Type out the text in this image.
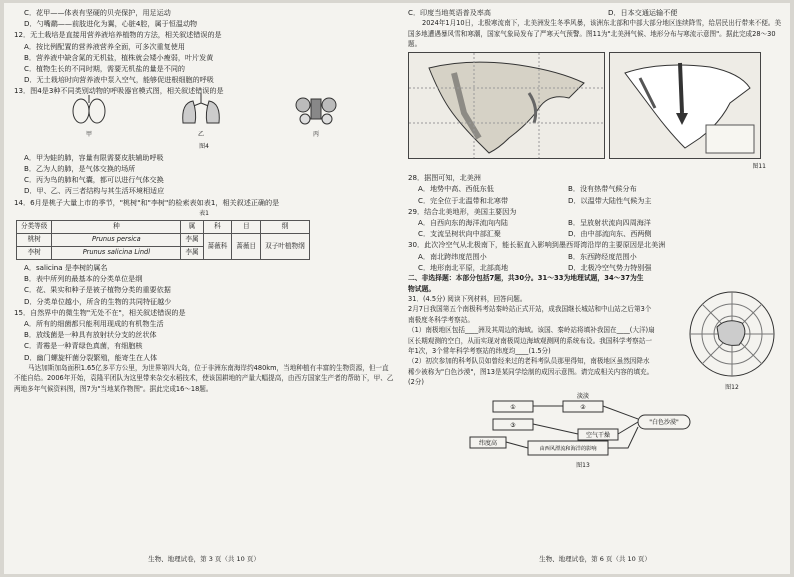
C．花甲——体表有坚硬的贝壳保护，用足运动
D．勺嘴鹬——前肢进化为翼，心脏4腔，属于恒温动物
12．无土栽培是直接用营养液培养植物的方法，相关叙述错误的是
A．按比例配置的营养液营养全面，可多次重复使用
B．营养液中缺含氮的无机盐，植株就会矮小瘦弱，叶片发黄
C．植物生长的不同时期，需要无机盐的量是不同的
D．无土栽培时向营养液中泵入空气，能够促进根细胞的呼吸
13．图4是3种不同类别动物的呼吸器官模式图，相关叙述错误的是
甲	乙	丙
图4
A．甲为蛙的肺，容量有限需要皮肤辅助呼吸
B．乙为人的肺，是气体交换的场所
C．丙为鸟的肺和气囊，都可以进行气体交换
D．甲、乙、丙三者结构与其生活环境相适应
14．6月是桃子大量上市的季节，"桃树"和"李树"的检索表如表1，相关叙述正确的是
表1
分类等级	种	属	科	目	纲
桃树	Prunus persica	李属	蔷薇科	蔷薇目	双子叶植物纲
李树	Prunus salicina Lindl	李属			
A．salicina 是李树的属名
B．表中所列的最基本的分类单位是纲
C．花、果实和种子是被子植物分类的重要依据
D．分类单位越小，所含的生物的共同特征越少
15．自然界中的微生物"无处不在"，相关叙述错误的是
A．所有的细菌都只能利用现成的有机物生活
B．放线菌是一种具有放射状分支的丝状体
C．青霉是一种青绿色真菌，有细胞核
D．幽门螺旋杆菌分裂繁殖，能寄生在人体
马达加斯加岛面积1.65亿多平方公里，为世界第四大岛，位于非洲东南海岸约480km，当地种植有丰富的生物资源，但一直不能自给。2006年开始，袁隆平团队为这里带来杂交水稻技术，使该国耕地的产量大幅提高，由西方国家生产者的帮助下，甲、乙两地多年气候资料图，图7为"当地某作物图"。据此完成16～18题。
生物、地理试卷，第 3 页（共 10 页）
C．印度当地英语普及率高	D．日本交通运输不便
2024年1月10日，北极寒流南下，北美洲发生冬季风暴，该洲东北部和中部大部分地区连续降雪，给居民出行带来不便。美国多地遭遇暴风雪和寒潮，国家气象局发布了严寒天气预警。图11为"北美洲气候、地形分布与寒流示意图"。据此完成28～30题。
图11
28．据图可知，北美洲
A．地势中高、西低东低	B．没有热带气候分布
C．完全位于北温带和北寒带	D．以温带大陆性气候为主
29．结合北美地形，美国主要因为
A．自西向东的海洋流向内陆	B．呈放射状流向四周海洋
C．支流呈树状向中部汇聚	D．由中部流向东、西两侧
30．此次冷空气从北极南下，能长驱直入影响到墨西哥湾沿岸的主要原因是北美洲
A．南北跨纬度范围小	B．东西跨经度范围小
C．地形南北平原，北部高地	D．北极冷空气势力特别强
二、非选择题：本部分包括7题，共30分。31～33为地理试题，34～37为生物试题。
31．(4.5分) 阅读下列材料，回答问题。
2月7日我国第五个南极科考站秦岭站正式开站，成我国继长城站和中山站之后第3个南极度冬科学考察站。
（1）南极地区包括____洲及其周边的海域。该国、秦岭站将填补我国在____(大洋)扇区长期观测的空白，从而实现对南极周边海域观测网的系统布设。我国科学考察站一年1次，3个常年科学考察站的纬度均____(1.5分)
（2）初次参加的科考队员如曾经来过的老科考队员那里得知，南极地区虽然因降水稀少被称为"白色沙漠"，图13是某同学绘制的成因示意图。请完成相关内容的填充。(2分)
淡淡
①	②
③
纬度高
空气干燥
"白色沙漠"
由西风漂流和海洋的影响
图13
图12
生物、地理试卷，第 6 页（共 10 页）
